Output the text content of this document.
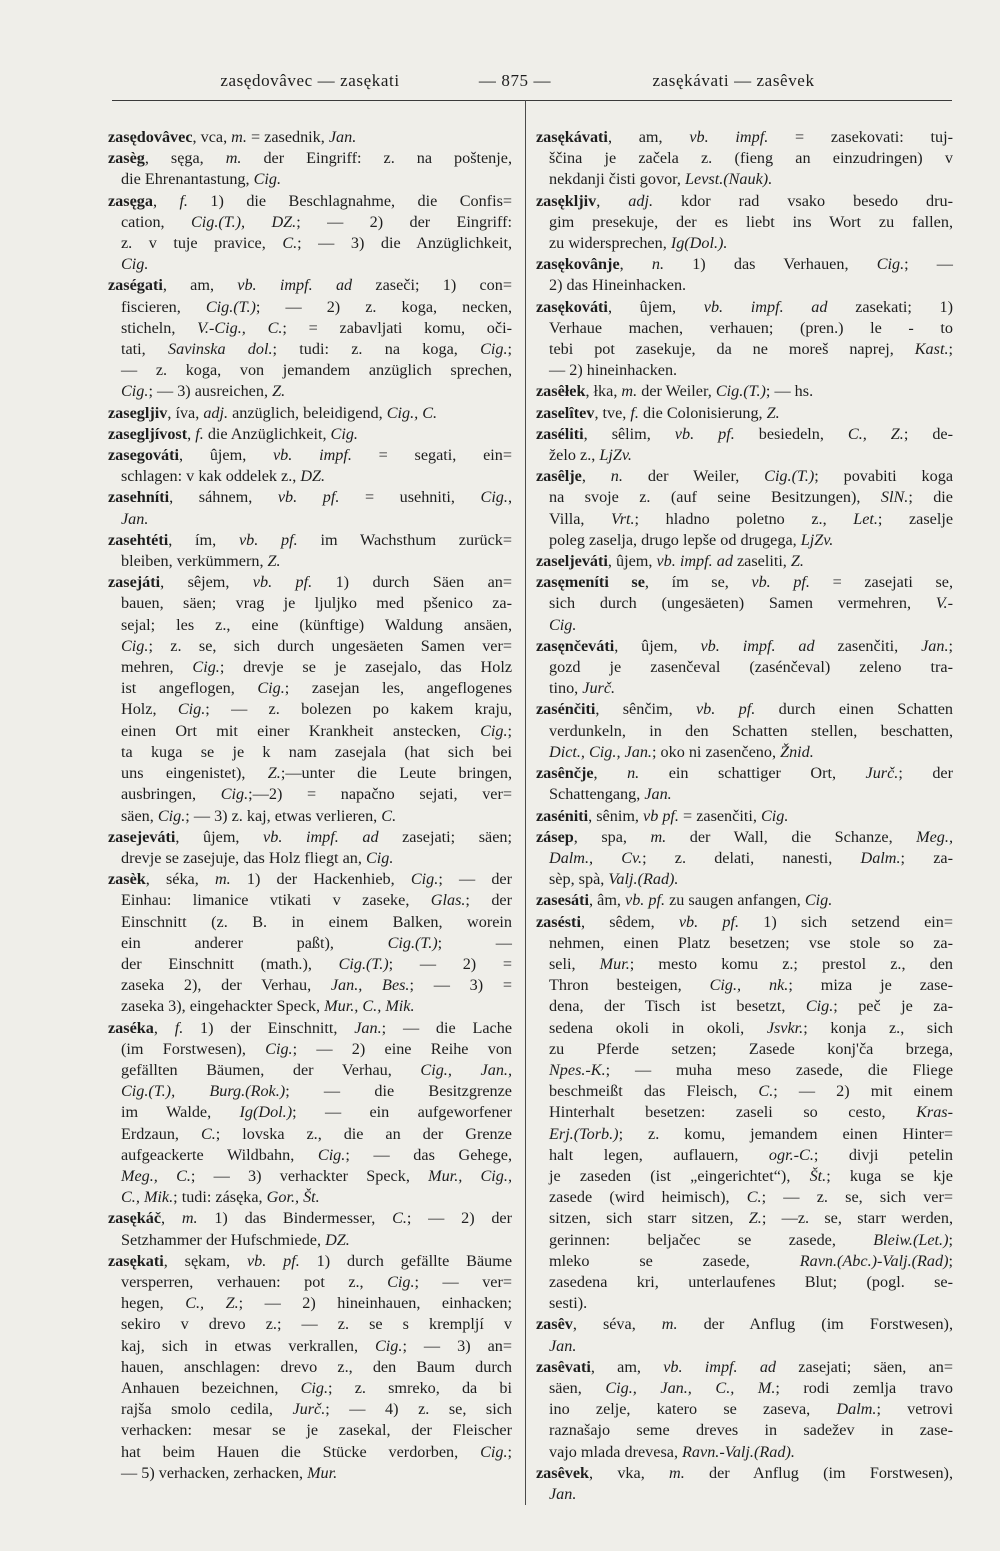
zasędovâvec — zasękati	— 875 —	zasękávati — zasêvek
zasędovâvec, vca, m. = zasednik, Jan.
zasèg, sęga, m. der Eingriff: z. na poštenje,
die Ehrenantastung, Cig.
zasęga, f. 1) die Beschlagnahme, die Confis=
cation, Cig.(T.), DZ.; — 2) der Eingriff:
z. v tuje pravice, C.; — 3) die Anzüglichkeit,
Cig.
zaségati, am, vb. impf. ad zaseči; 1) con=
fiscieren, Cig.(T.); — 2) z. koga, necken,
sticheln, V.-Cig., C.; = zabavljati komu, oči-
tati, Savinska dol.; tudi: z. na koga, Cig.;
— z. koga, von jemandem anzüglich sprechen,
Cig.; — 3) ausreichen, Z.
zasegljiv, íva, adj. anzüglich, beleidigend, Cig., C.
zasegljívost, f. die Anzüglichkeit, Cig.
zasegováti, ûjem, vb. impf. = segati, ein=
schlagen: v kak oddelek z., DZ.
zasehníti, sáhnem, vb. pf. = usehniti, Cig.,
Jan.
zasehtéti, ím, vb. pf. im Wachsthum zurück=
bleiben, verkümmern, Z.
zasejáti, sêjem, vb. pf. 1) durch Säen an=
bauen, säen; vrag je ljuljko med pšenico za-
sejal; les z., eine (künftige) Waldung ansäen,
Cig.; z. se, sich durch ungesäeten Samen ver=
mehren, Cig.; drevje se je zasejalo, das Holz
ist angeflogen, Cig.; zasejan les, angeflogenes
Holz, Cig.; — z. bolezen po kakem kraju,
einen Ort mit einer Krankheit anstecken, Cig.;
ta kuga se je k nam zasejala (hat sich bei
uns eingenistet), Z.;—unter die Leute bringen,
ausbringen, Cig.;—2) = napačno sejati, ver=
säen, Cig.; — 3) z. kaj, etwas verlieren, C.
zasejeváti, ûjem, vb. impf. ad zasejati; säen;
drevje se zasejuje, das Holz fliegt an, Cig.
zasèk, séka, m. 1) der Hackenhieb, Cig.; — der
Einhau: limanice vtikati v zaseke, Glas.; der
Einschnitt (z. B. in einem Balken, worein
ein anderer paßt), Cig.(T.); —
der Einschnitt (math.), Cig.(T.); — 2) =
zaseka 2), der Verhau, Jan., Bes.; — 3) =
zaseka 3), eingehackter Speck, Mur., C., Mik.
zaséka, f. 1) der Einschnitt, Jan.; — die Lache
(im Forstwesen), Cig.; — 2) eine Reihe von
gefällten Bäumen, der Verhau, Cig., Jan.,
Cig.(T.), Burg.(Rok.); — die Besitzgrenze
im Walde, Ig(Dol.); — ein aufgeworfener
Erdzaun, C.; lovska z., die an der Grenze
aufgeackerte Wildbahn, Cig.; — das Gehege,
Meg., C.; — 3) verhackter Speck, Mur., Cig.,
C., Mik.; tudi: zásęka, Gor., Št.
zasękáč, m. 1) das Bindermesser, C.; — 2) der
Setzhammer der Hufschmiede, DZ.
zasękati, sękam, vb. pf. 1) durch gefällte Bäume
versperren, verhauen: pot z., Cig.; — ver=
hegen, C., Z.; — 2) hineinhauen, einhacken;
sekiro v drevo z.; — z. se s krempljí v
kaj, sich in etwas verkrallen, Cig.; — 3) an=
hauen, anschlagen: drevo z., den Baum durch
Anhauen bezeichnen, Cig.; z. smreko, da bi
rajša smolo cedila, Jurč.; — 4) z. se, sich
verhacken: mesar se je zasekal, der Fleischer
hat beim Hauen die Stücke verdorben, Cig.;
— 5) verhacken, zerhacken, Mur.
zasękávati, am, vb. impf. = zasekovati: tuj-
ščina je začela z. (fieng an einzudringen) v
nekdanji čisti govor, Levst.(Nauk).
zasękljiv, adj. kdor rad vsako besedo dru-
gim presekuje, der es liebt ins Wort zu fallen,
zu widersprechen, Ig(Dol.).
zasękovânje, n. 1) das Verhauen, Cig.; —
2) das Hineinhacken.
zasękováti, ûjem, vb. impf. ad zasekati; 1)
Verhaue machen, verhauen; (pren.) le - to
tebi pot zasekuje, da ne moreš naprej, Kast.;
— 2) hineinhacken.
zasêłek, łka, m. der Weiler, Cig.(T.); — hs.
zaselîtev, tve, f. die Colonisierung, Z.
zaséliti, sêlim, vb. pf. besiedeln, C., Z.; de-
želo z., LjZv.
zasêlje, n. der Weiler, Cig.(T.); povabiti koga
na svoje z. (auf seine Besitzungen), SlN.; die
Villa, Vrt.; hladno poletno z., Let.; zaselje
poleg zaselja, drugo lepše od drugega, LjZv.
zaseljeváti, ûjem, vb. impf. ad zaseliti, Z.
zasęmeníti se, ím se, vb. pf. = zasejati se,
sich durch (ungesäeten) Samen vermehren, V.-
Cig.
zasęnčeváti, ûjem, vb. impf. ad zasenčiti, Jan.;
gozd je zasenčeval (zasénčeval) zeleno tra-
tino, Jurč.
zasénčiti, sênčim, vb. pf. durch einen Schatten
verdunkeln, in den Schatten stellen, beschatten,
Dict., Cig., Jan.; oko ni zasenčeno, Žnid.
zasênčje, n. ein schattiger Ort, Jurč.; der
Schattengang, Jan.
zaséniti, sênim, vb pf. = zasenčiti, Cig.
zásep, spa, m. der Wall, die Schanze, Meg.,
Dalm., Cv.; z. delati, nanesti, Dalm.; za-
sèp, spà, Valj.(Rad).
zasesáti, âm, vb. pf. zu saugen anfangen, Cig.
zasésti, sêdem, vb. pf. 1) sich setzend ein=
nehmen, einen Platz besetzen; vse stole so za-
seli, Mur.; mesto komu z.; prestol z., den
Thron besteigen, Cig., nk.; miza je zase-
dena, der Tisch ist besetzt, Cig.; peč je za-
sedena okoli in okoli, Jsvkr.; konja z., sich
zu Pferde setzen; Zasede konj'ča brzega,
Npes.-K.; — muha meso zasede, die Fliege
beschmeißt das Fleisch, C.; — 2) mit einem
Hinterhalt besetzen: zaseli so cesto, Kras-
Erj.(Torb.); z. komu, jemandem einen Hinter=
halt legen, auflauern, ogr.-C.; divji petelin
je zaseden (ist „eingerichtet“), Št.; kuga se kje
zasede (wird heimisch), C.; — z. se, sich ver=
sitzen, sich starr sitzen, Z.; —z. se, starr werden,
gerinnen: beljačec se zasede, Bleiw.(Let.);
mleko se zasede, Ravn.(Abc.)-Valj.(Rad);
zasedena kri, unterlaufenes Blut; (pogl. se-
sesti).
zasêv, séva, m. der Anflug (im Forstwesen),
Jan.
zasêvati, am, vb. impf. ad zasejati; säen, an=
säen, Cig., Jan., C., M.; rodi zemlja travo
ino zelje, katero se zaseva, Dalm.; vetrovi
raznašajo seme dreves in sadežev in zase-
vajo mlada drevesa, Ravn.-Valj.(Rad).
zasêvek, vka, m. der Anflug (im Forstwesen),
Jan.
